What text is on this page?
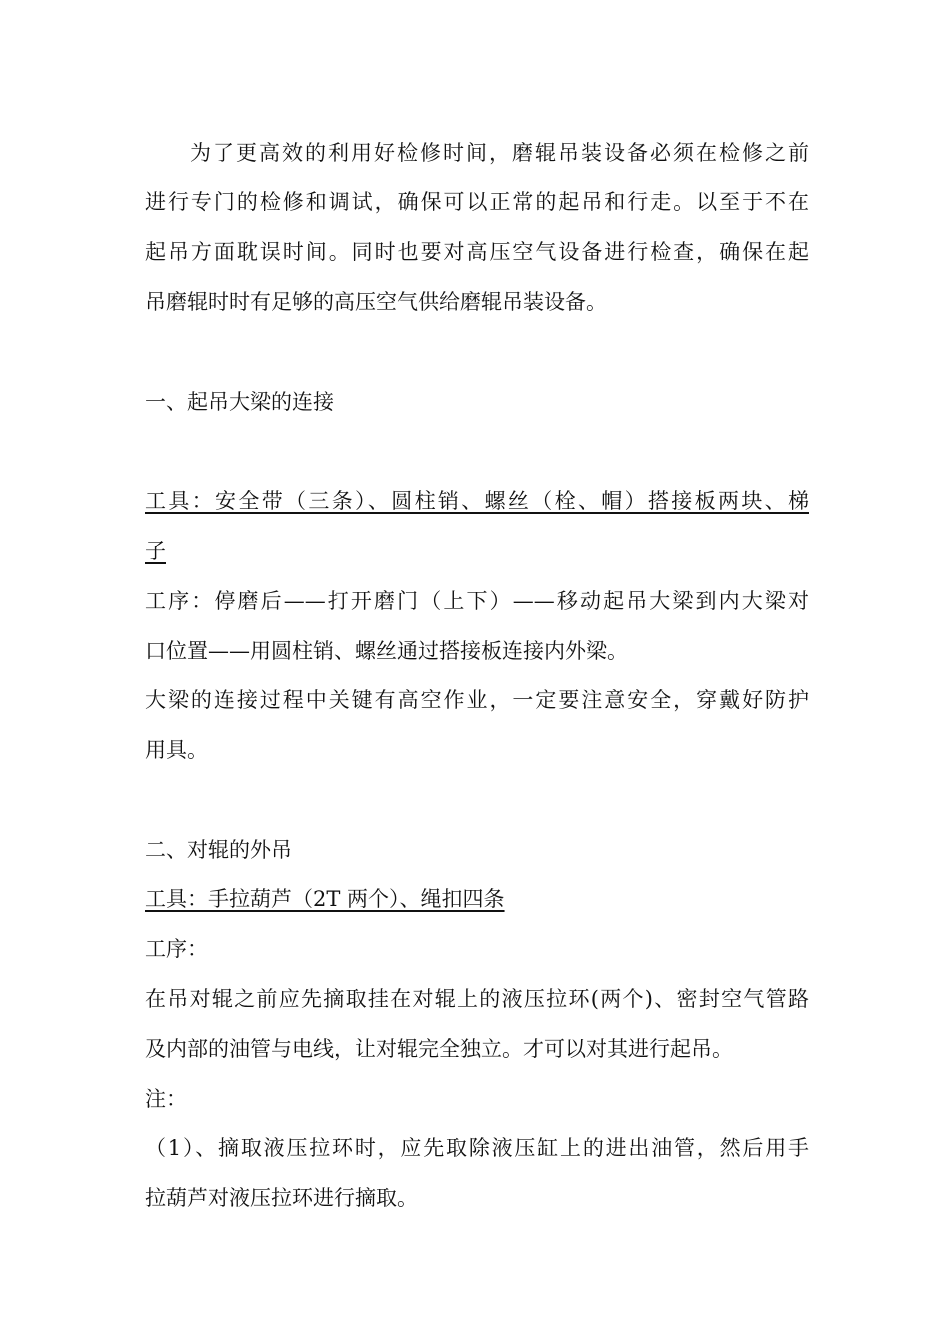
为了更高效的利用好检修时间，磨辊吊装设备必须在检修之前
进行专门的检修和调试，确保可以正常的起吊和行走。以至于不在
起吊方面耽误时间。同时也要对高压空气设备进行检查，确保在起
吊磨辊时时有足够的高压空气供给磨辊吊装设备。
一、起吊大梁的连接
工具：安全带（三条）、圆柱销、螺丝（栓、帽）搭接板两块、梯
子
工序：停磨后——打开磨门（上下）——移动起吊大梁到内大梁对
口位置——用圆柱销、螺丝通过搭接板连接内外梁。
大梁的连接过程中关键有高空作业，一定要注意安全，穿戴好防护
用具。
二、对辊的外吊
工具：手拉葫芦（2T 两个）、绳扣四条
工序：
在吊对辊之前应先摘取挂在对辊上的液压拉环(两个)、密封空气管路
及内部的油管与电线，让对辊完全独立。才可以对其进行起吊。
注：
（1）、摘取液压拉环时，应先取除液压缸上的进出油管，然后用手
拉葫芦对液压拉环进行摘取。
